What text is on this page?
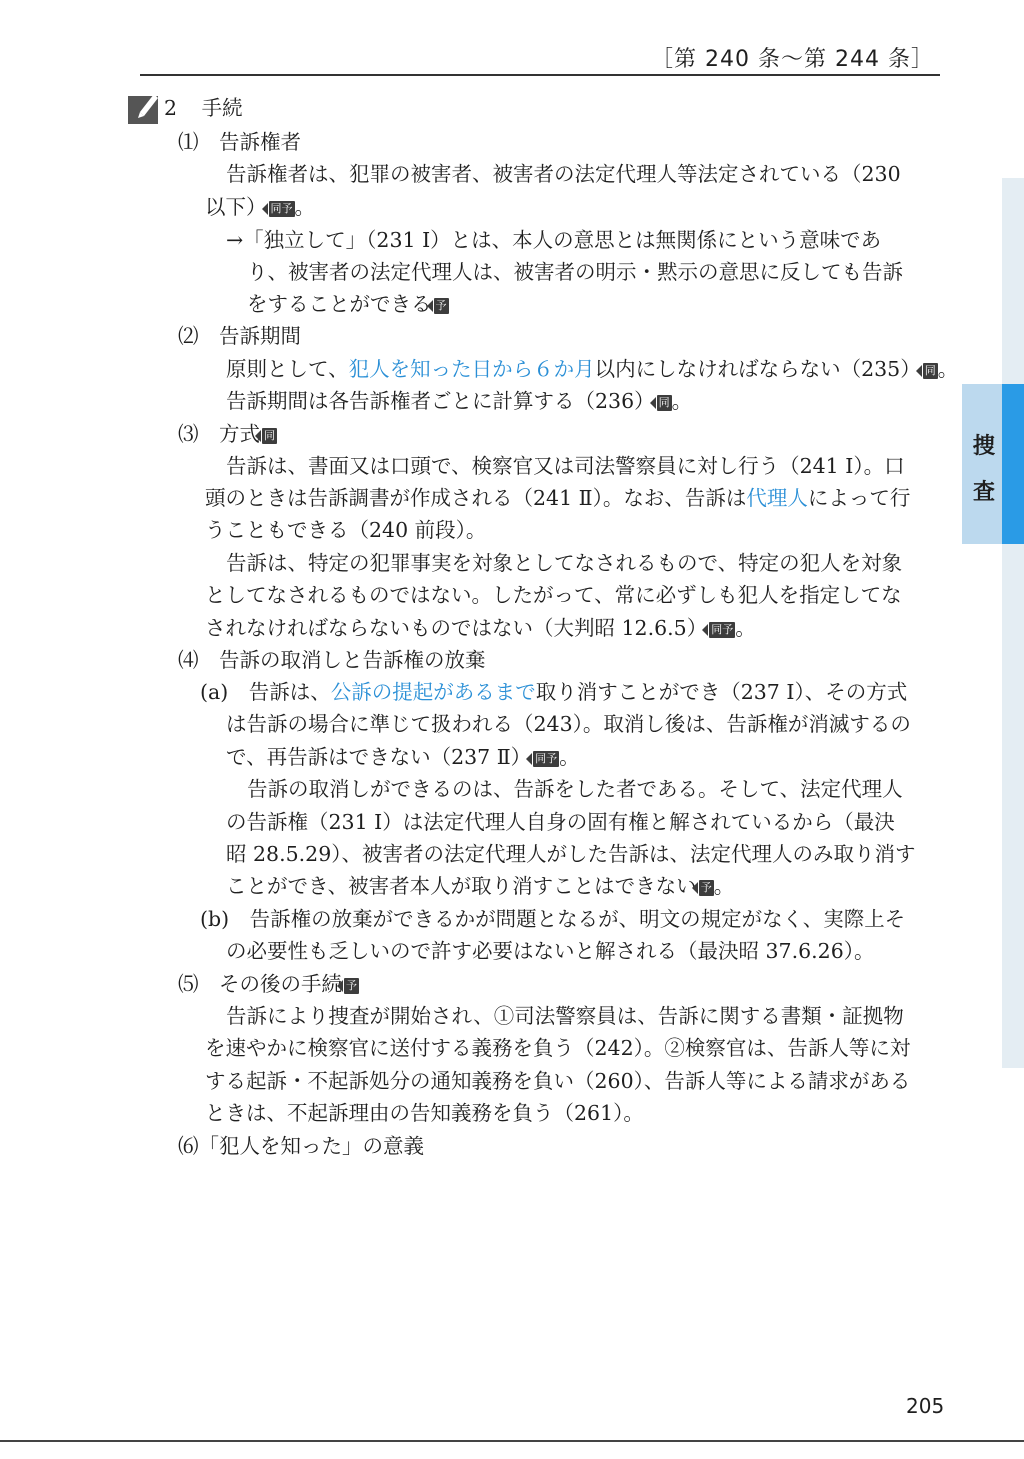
［第 240 条～第 244 条］
捜
査
2 手続
⑴　告訴権者
告訴権者は、犯罪の被害者、被害者の法定代理人等法定されている（230
以下） 同予。
→「独立して」（231 Ⅰ）とは、本人の意思とは無関係にという意味であ
り、被害者の法定代理人は、被害者の明示・黙示の意思に反しても告訴
をすることができる 予
⑵　告訴期間
原則として、犯人を知った日から６か月以内にしなければならない（235） 同。
告訴期間は各告訴権者ごとに計算する（236） 同。
⑶　方式 同
告訴は、書面又は口頭で、検察官又は司法警察員に対し行う（241 Ⅰ）。口
頭のときは告訴調書が作成される（241 Ⅱ）。なお、告訴は代理人によって行
うこともできる（240 前段）。
告訴は、特定の犯罪事実を対象としてなされるもので、特定の犯人を対象
としてなされるものではない。したがって、常に必ずしも犯人を指定してな
されなければならないものではない（大判昭 12.6.5） 同予。
⑷　告訴の取消しと告訴権の放棄
(a)　告訴は、公訴の提起があるまで取り消すことができ（237 Ⅰ）、その方式
は告訴の場合に準じて扱われる（243）。取消し後は、告訴権が消滅するの
で、再告訴はできない（237 Ⅱ） 同予。
告訴の取消しができるのは、告訴をした者である。そして、法定代理人
の告訴権（231 Ⅰ）は法定代理人自身の固有権と解されているから（最決
昭 28.5.29）、被害者の法定代理人がした告訴は、法定代理人のみ取り消す
ことができ、被害者本人が取り消すことはできない 予。
(b)　告訴権の放棄ができるかが問題となるが、明文の規定がなく、実際上そ
の必要性も乏しいので許す必要はないと解される（最決昭 37.6.26）。
⑸　その後の手続 予
告訴により捜査が開始され、①司法警察員は、告訴に関する書類・証拠物
を速やかに検察官に送付する義務を負う（242）。②検察官は、告訴人等に対
する起訴・不起訴処分の通知義務を負い（260）、告訴人等による請求がある
ときは、不起訴理由の告知義務を負う（261）。
⑹「犯人を知った」の意義
205
